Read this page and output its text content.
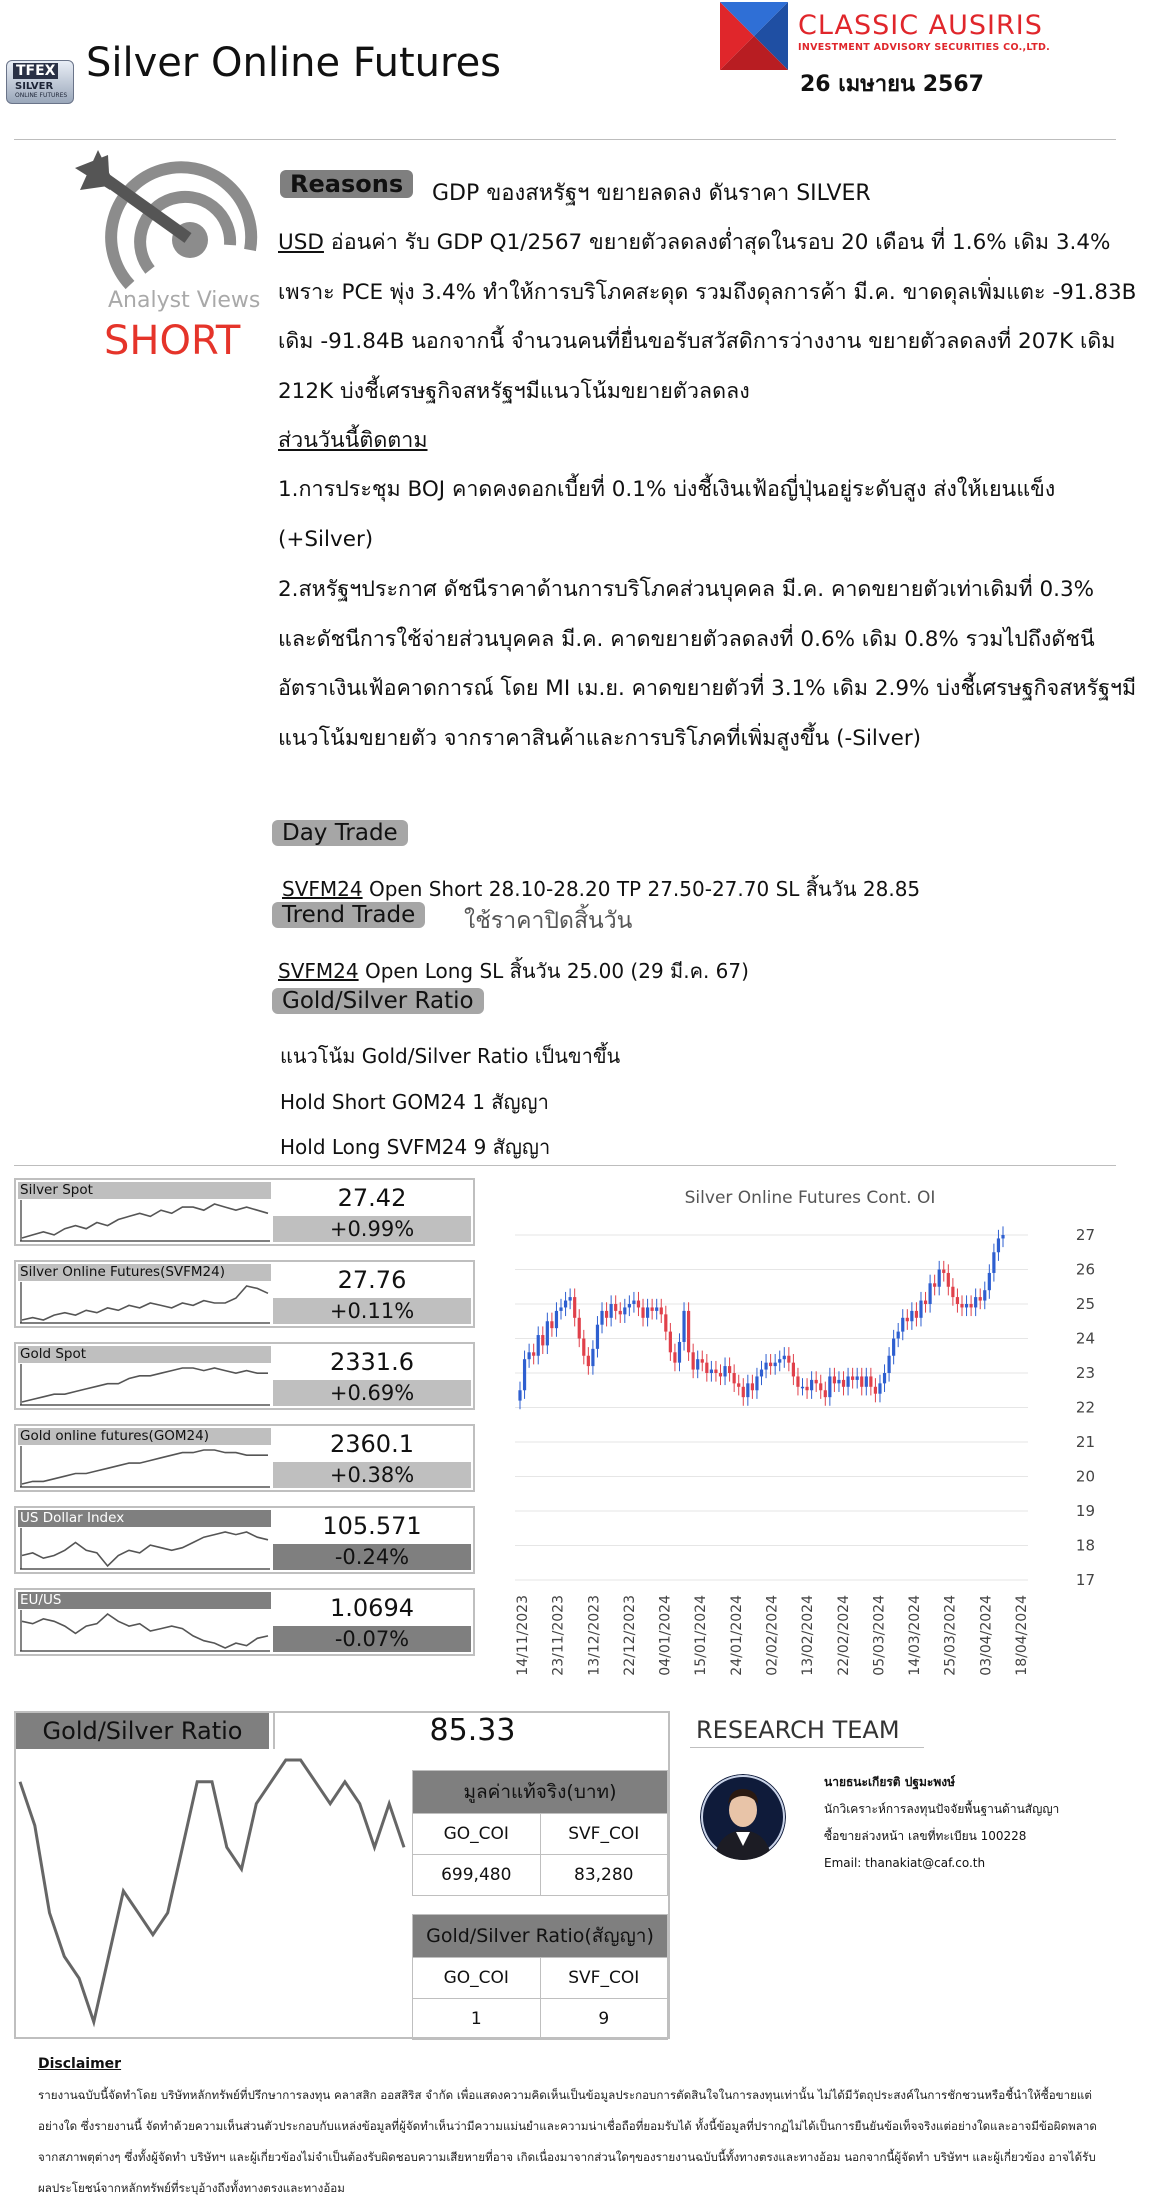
TFEX
SILVER
ONLINE FUTURES
Silver Online Futures
CLASSIC AUSIRIS
INVESTMENT ADVISORY SECURITIES CO.,LTD.
26 เมษายน 2567
Analyst Views
SHORT
Reasons	GDP ของสหรัฐฯ ขยายลดลง ดันราคา SILVER

USD อ่อนค่า รับ GDP Q1/2567 ขยายตัวลดลงต่ำสุดในรอบ 20 เดือน ที่ 1.6% เดิม 3.4% เพราะ PCE พุ่ง 3.4% ทำให้การบริโภคสะดุด รวมถึงดุลการค้า มี.ค. ขาดดุลเพิ่มแตะ -91.83B เดิม -91.84B นอกจากนี้ จำนวนคนที่ยื่นขอรับสวัสดิการว่างงาน ขยายตัวลดลงที่ 207K เดิม 212K บ่งชี้เศรษฐกิจสหรัฐฯมีแนวโน้มขยายตัวลดลง

ส่วนวันนี้ติดตาม

1.การประชุม BOJ คาดคงดอกเบี้ยที่ 0.1% บ่งชี้เงินเฟ้อญี่ปุ่นอยู่ระดับสูง ส่งให้เยนแข็ง (+Silver)

2.สหรัฐฯประกาศ ดัชนีราคาด้านการบริโภคส่วนบุคคล มี.ค. คาดขยายตัวเท่าเดิมที่ 0.3% และดัชนีการใช้จ่ายส่วนบุคคล มี.ค. คาดขยายตัวลดลงที่ 0.6% เดิม 0.8% รวมไปถึงดัชนีอัตราเงินเฟ้อคาดการณ์ โดย MI เม.ย. คาดขยายตัวที่ 3.1% เดิม 2.9% บ่งชี้เศรษฐกิจสหรัฐฯมีแนวโน้มขยายตัว จากราคาสินค้าและการบริโภคที่เพิ่มสูงขึ้น (-Silver)

Day Trade
SVFM24 Open Short 28.10-28.20 TP 27.50-27.70 SL สิ้นวัน 28.85
Trend Trade	ใช้ราคาปิดสิ้นวัน
SVFM24 Open Long SL สิ้นวัน 25.00 (29 มี.ค. 67)
Gold/Silver Ratio
แนวโน้ม Gold/Silver Ratio เป็นขาขึ้น
Hold Short GOM24 1 สัญญา
Hold Long SVFM24 9 สัญญา
Silver Spot	27.42
+0.99%
Silver Online Futures(SVFM24)	27.76
+0.11%
Gold Spot	2331.6
+0.69%
Gold online futures(GOM24)	2360.1
+0.38%
US Dollar Index	105.571
-0.24%
EU/US	1.0694
-0.07%
Silver Online Futures Cont. OI
27
26
25
24
23
22
21
20
19
18
17
14/11/2023 23/11/2023 13/12/2023 22/12/2023 04/01/2024 15/01/2024 24/01/2024 02/02/2024 13/02/2024 22/02/2024 05/03/2024 14/03/2024 25/03/2024 03/04/2024 18/04/2024
Gold/Silver Ratio	85.33
มูลค่าแท้จริง(บาท)	
GO_COI	SVF_COI
699,480	83,280
Gold/Silver Ratio(สัญญา)	
GO_COI	SVF_COI
1	9
RESEARCH TEAM
นายธนะเกียรติ ปฐมะพงษ์
นักวิเคราะห์การลงทุนปัจจัยพื้นฐานด้านสัญญา
ซื้อขายล่วงหน้า เลขที่ทะเบียน 100228
Email: thanakiat@caf.co.th
Disclaimer

รายงานฉบับนี้จัดทำโดย บริษัทหลักทรัพย์ที่ปรึกษาการลงทุน คลาสสิก ออสสิริส จำกัด เพื่อแสดงความคิดเห็นเป็นข้อมูลประกอบการตัดสินใจในการลงทุนเท่านั้น ไม่ได้มีวัตถุประสงค์ในการชักชวนหรือชี้นำให้ซื้อขายแต่อย่างใด ซึ่งรายงานนี้ จัดทำด้วยความเห็นส่วนตัวประกอบกับแหล่งข้อมูลที่ผู้จัดทำเห็นว่ามีความแม่นยำและความน่าเชื่อถือที่ยอมรับได้ ทั้งนี้ข้อมูลที่ปรากฏไม่ได้เป็นการยืนยันข้อเท็จจริงแต่อย่างใดและอาจมีข้อผิดพลาดจากสภาพตุต่างๆ ซึ่งทั้งผู้จัดทำ บริษัทฯ และผู้เกี่ยวข้องไม่จำเป็นต้องรับผิดชอบความเสียหายที่อาจ เกิดเนื่องมาจากส่วนใดๆของรายงานฉบับนี้ทั้งทางตรงและทางอ้อม นอกจากนี้ผู้จัดทำ บริษัทฯ และผู้เกี่ยวข้อง อาจได้รับผลประโยชน์จากหลักทรัพย์ที่ระบุอ้างถึงทั้งทางตรงและทางอ้อม
